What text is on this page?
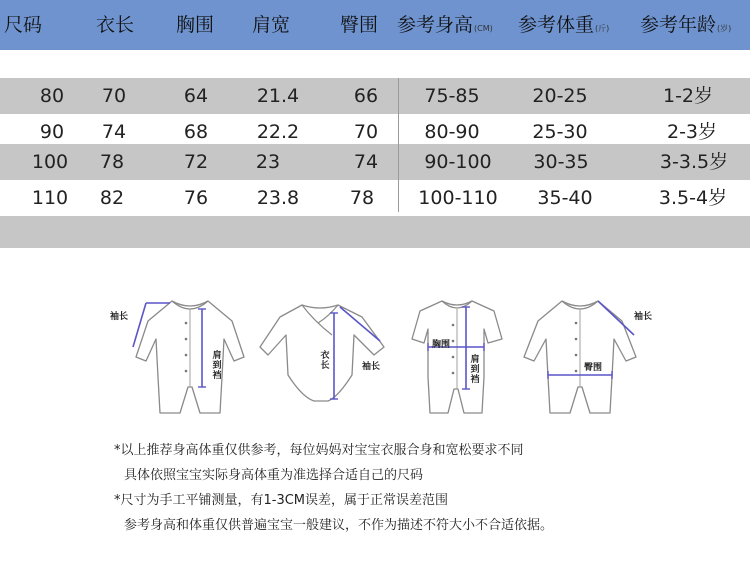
尺码	衣长 胸围 肩宽	臀围 参考身高(CM) 参考体重(斤) 参考年龄(岁)
80 70	64	21.4	66 75-85	20-25	1-2岁
90 74	68	22.2	70 80-90	25-30	2-3岁
100 78	72	23	74 90-100 30-35	3-3.5岁
110 82	76	23.8	78 100-110 35-40	3.5-4岁
袖长
肩到裆
衣长	袖长
胸围
肩到裆
袖长
臀围
*以上推荐身高体重仅供参考，每位妈妈对宝宝衣服合身和宽松要求不同
具体依照宝宝实际身高体重为准选择合适自己的尺码
*尺寸为手工平铺测量，有1-3CM误差，属于正常误差范围
参考身高和体重仅供普遍宝宝一般建议，不作为描述不符大小不合适依据。
